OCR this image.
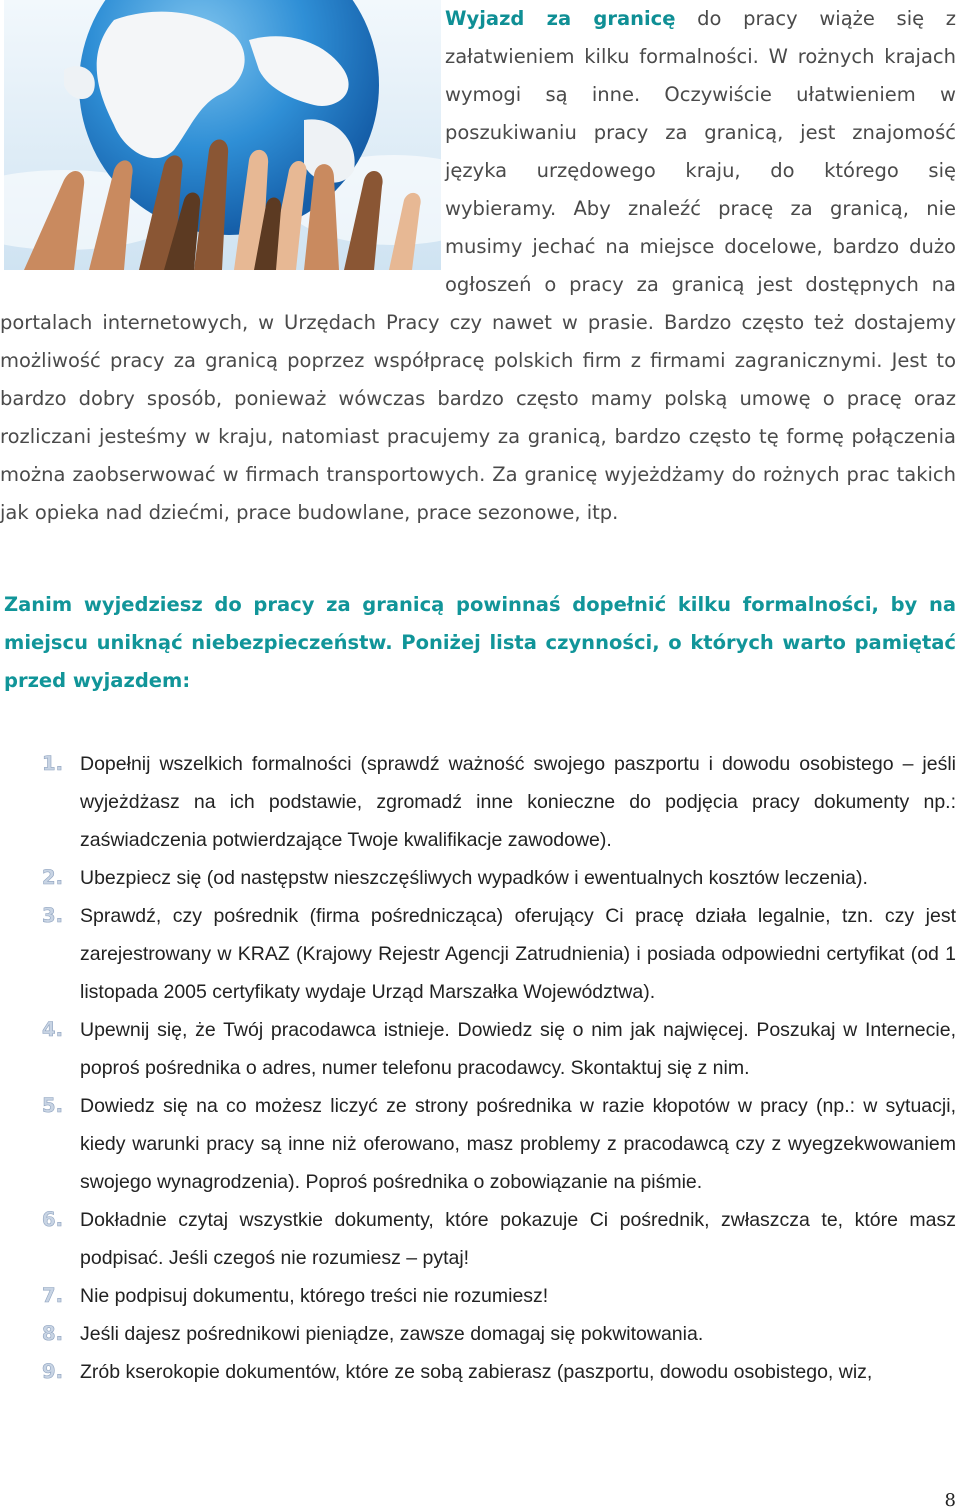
Wyjazd za granicę do pracy wiąże się z załatwieniem kilku formalności. W rożnych krajach wymogi są inne. Oczywiście ułatwieniem w poszukiwaniu pracy za granicą, jest znajomość języka urzędowego kraju, do którego się wybieramy. Aby znaleźć pracę za granicą, nie musimy jechać na miejsce docelowe, bardzo dużo ogłoszeń o pracy za granicą jest dostępnych na portalach internetowych, w Urzędach Pracy czy nawet w prasie. Bardzo często też dostajemy możliwość pracy za granicą poprzez współpracę polskich firm z firmami zagranicznymi. Jest to bardzo dobry sposób, ponieważ wówczas bardzo często mamy polską umowę o pracę oraz rozliczani jesteśmy w kraju, natomiast pracujemy za granicą, bardzo często tę formę połączenia można zaobserwować w firmach transportowych. Za granicę wyjeżdżamy do rożnych prac takich jak opieka nad dziećmi, prace budowlane, prace sezonowe, itp.
Zanim wyjedziesz do pracy za granicą powinnaś dopełnić kilku formalności, by na miejscu uniknąć niebezpieczeństw. Poniżej lista czynności, o których warto pamiętać przed wyjazdem:
1. Dopełnij wszelkich formalności (sprawdź ważność swojego paszportu i dowodu osobistego – jeśli wyjeżdżasz na ich podstawie, zgromadź inne konieczne do podjęcia pracy dokumenty np.: zaświadczenia potwierdzające Twoje kwalifikacje zawodowe).
2. Ubezpiecz się (od następstw nieszczęśliwych wypadków i ewentualnych kosztów leczenia).
3. Sprawdź, czy pośrednik (firma pośrednicząca) oferujący Ci pracę działa legalnie, tzn. czy jest zarejestrowany w KRAZ (Krajowy Rejestr Agencji Zatrudnienia) i posiada odpowiedni certyfikat (od 1 listopada 2005 certyfikaty wydaje Urząd Marszałka Województwa).
4. Upewnij się, że Twój pracodawca istnieje. Dowiedz się o nim jak najwięcej. Poszukaj w Internecie, poproś pośrednika o adres, numer telefonu pracodawcy. Skontaktuj się z nim.
5. Dowiedz się na co możesz liczyć ze strony pośrednika w razie kłopotów w pracy (np.: w sytuacji, kiedy warunki pracy są inne niż oferowano, masz problemy z pracodawcą czy z wyegzekwowaniem swojego wynagrodzenia). Poproś pośrednika o zobowiązanie na piśmie.
6. Dokładnie czytaj wszystkie dokumenty, które pokazuje Ci pośrednik, zwłaszcza te, które masz podpisać. Jeśli czegoś nie rozumiesz – pytaj!
7. Nie podpisuj dokumentu, którego treści nie rozumiesz!
8. Jeśli dajesz pośrednikowi pieniądze, zawsze domagaj się pokwitowania.
9. Zrób kserokopie dokumentów, które ze sobą zabierasz (paszportu, dowodu osobistego, wiz,
8
